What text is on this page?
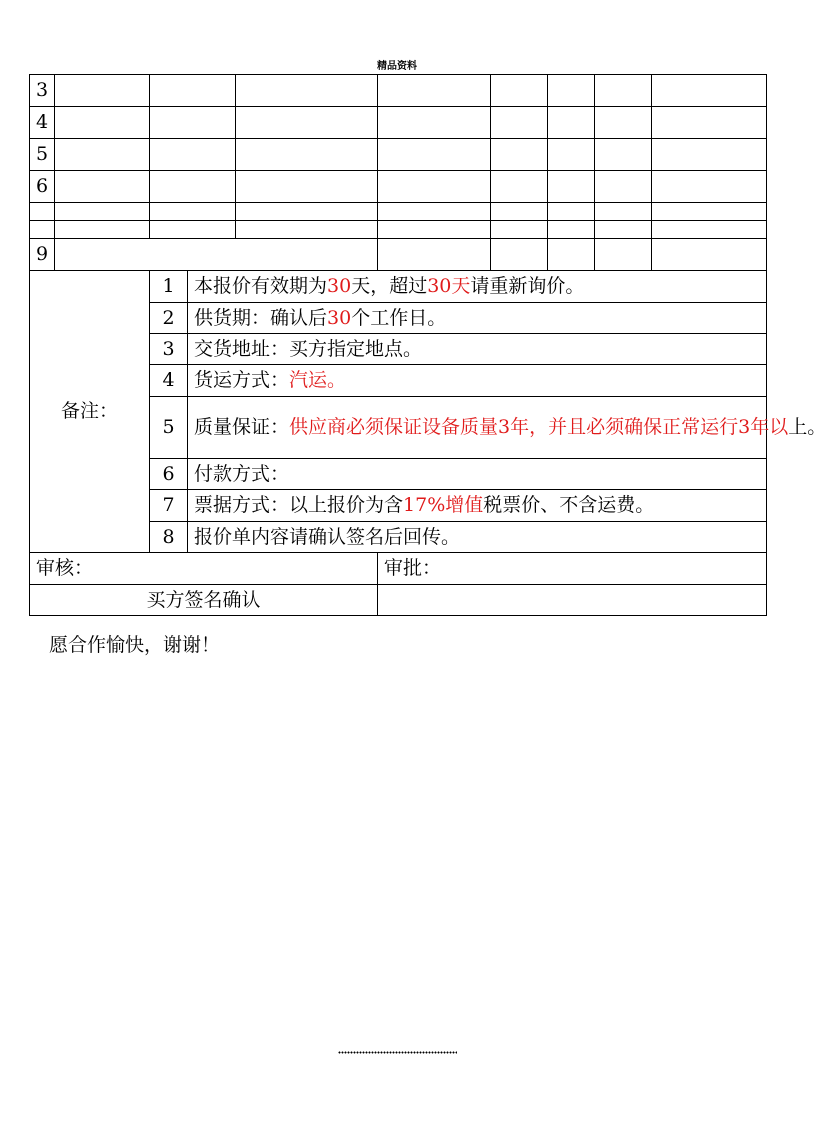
精品资料
3									
4									
5									
6									

9									
备注：		1	本报价有效期为30天，超过30天请重新询价。						
		2	供货期：确认后30个工作日。						
		3	交货地址：买方指定地点。						
		4	货运方式：汽运。						
		5	质量保证：供应商必须保证设备质量3年，并且必须确保正常运行3年以上。						
		6	付款方式：						
		7	票据方式：以上报价为含17%增值税票价、不含运费。						
		8	报价单内容请确认签名后回传。						
审核：					审批：				
买方签名确认									
愿合作愉快，谢谢！
